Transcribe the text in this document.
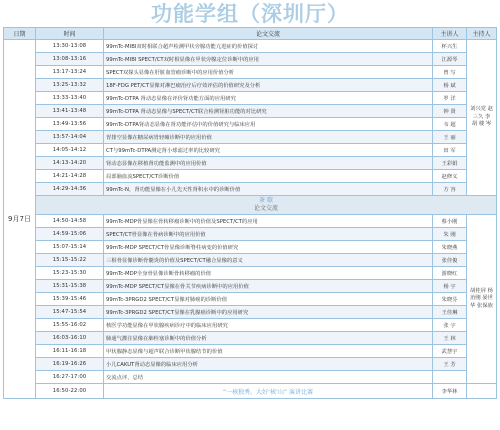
功能学组（深圳厅）
日期	时间	论文交流	主讲人	主持人
9月7日	13:30-13:08	99mTc-MIBI双时相联合超声检测甲状旁腺功能亢进症的价值探讨	杯兴生	刘兴党 赵三久 李 胡 楼 岑
	13:08-13:16	99mTc-MIBI SPECT/CT双时相显像在甲状旁腺定位诊断中的应用	江源琴	
	13:17-13:24	SPECT双探头显像在肝脏血管瘤诊断中的应用价值分析	曾 写	
	13:25-13:32	18F-FDG PET/CT显像对淋巴瘤治疗后疗效评估的价值研究及分析	杨 斌	
	13:33-13:40	99mTc-DTPA 肾动态显像在评价肾功能方面的应用研究	罗 洋	
	13:41-13:48	99mTc-DTPA 肾动态显像与SPECT/CT联合检测肾脏功能的对比研究	钟 贤	
	13:49-13:56	99mTc-DTPA肾动态显像在肾功能评估中的价值研究与临床应用	韦 超	
	13:57-14:04	胃排空显像在糖尿病胃轻瘫诊断中的应用价值	王 丽	
	14:05-14:12	CT与99mTc-DTPA测定肾小球滤过率的比较研究	田 军	
	14:13-14:20	肾动态显像在移植肾功能监测中的应用价值	王彩娟	
	14:21-14:28	局部脑血流SPECT/CT诊断价值	赵修义	
	14:29-14:36	99mTc-N，肾功能显像在小儿先天性肾积水中的诊断价值	方 容	

	茶 歇
论文交流			

	14:50-14:58	99mTc-MDP骨显像在骨转移瘤诊断中的价值及SPECT/CT的应用	蔡小刚	胡桂屏 杨治刚 晏世华 张保族
	14:59-15:06	SPECT/CT骨显像在骨病诊断中的应用价值	朱 刚	
	15:07-15:14	99mTc-MDP SPECT/CT骨显像诊断脊柱病变的价值研究	朱晓燕	
	15:15-15:22	三相骨显像诊断骨髓炎的价值及SPECT/CT融合显像的意义	张佳俊	
	15:23-15:30	99mTc-MDP全身骨显像诊断骨转移瘤的价值	游晓红	
	15:31-15:38	99mTc-MDP SPECT/CT显像在骨关节疾病诊断中的应用价值	杨 宇	
	15:39-15:46	99mTc-3PRGD2 SPECT/CT显像对肺癌的诊断价值	朱晓芬	
	15:47-15:54	99mTc-3PRGD2 SPECT/CT显像在乳腺癌诊断中的应用研究	王佳琳	
	15:55-16:02	核医学功能显像在甲状腺疾病诊疗中的临床应用研究	张 宇	
	16:03-16:10	肺通气灌注显像在肺栓塞诊断中的价值分析	王 林	
	16:11-16:18	甲状腺静态显像与超声联合诊断甲状腺结节的价值	武慧宇	
	16:19-16:26	小儿CAKUT肾动态显像的临床应用分析	王 芳	
	16:27-17:00	交流点评、总结		
	16:50-22:00	“一核独秀，大好‘核’山” 演讲比赛	李华林	
